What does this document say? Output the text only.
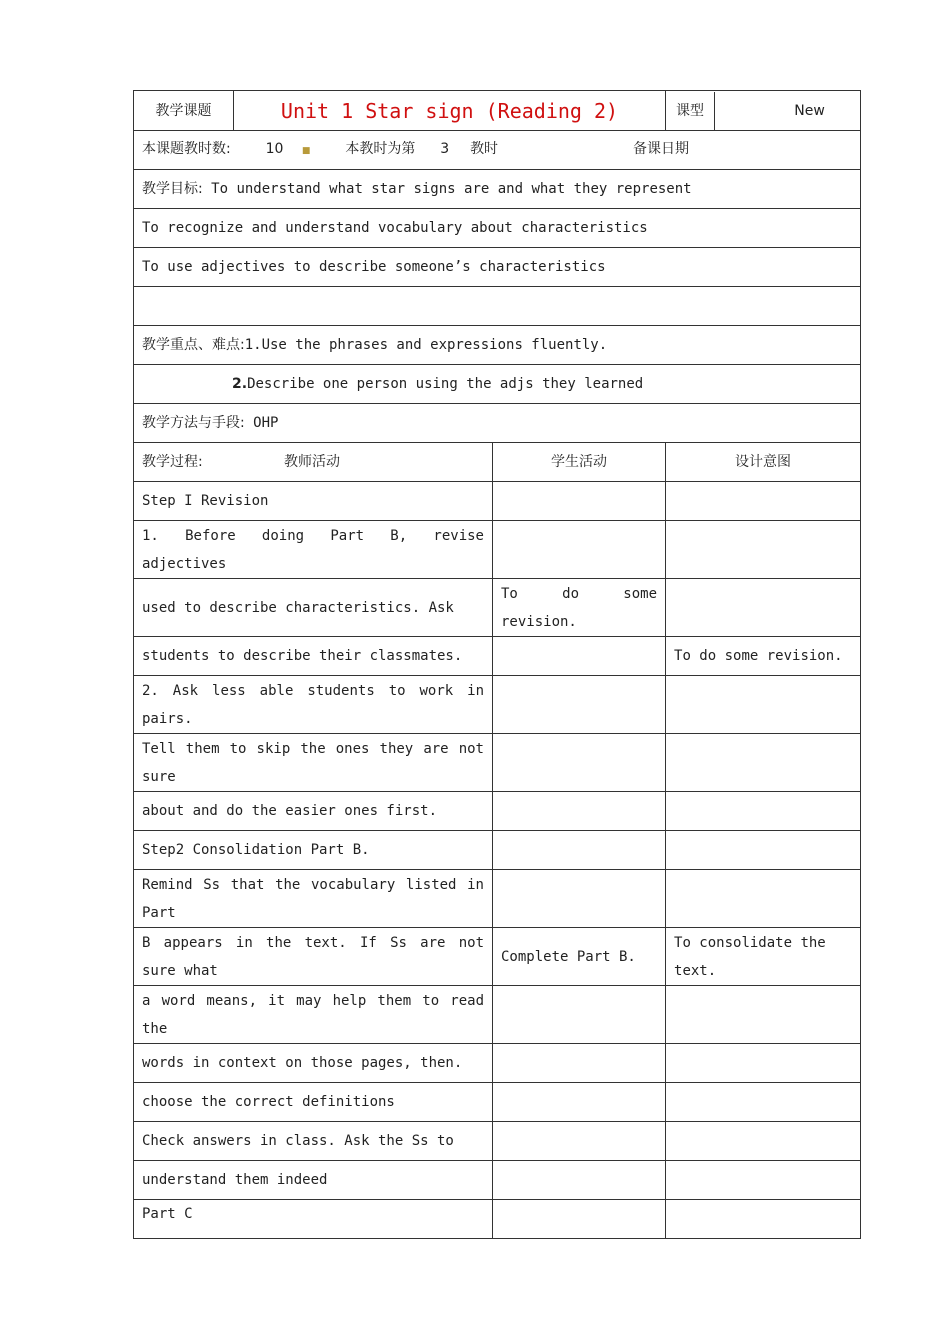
教学课题	Unit 1 Star sign (Reading 2)		课型	New

本课题教时数: 10 ■ 本教时为第 3 教时	备课日期
教学目标: To understand what star signs are and what they represent
To recognize and understand vocabulary about characteristics
To use adjectives to describe someone’s characteristics

教学重点、难点:1.Use the phrases and expressions fluently.
2.Describe one person using the adjs they learned
教学方法与手段: OHP
教学过程:	教师活动	学生活动	设计意图
Step I Revision		
1. Before doing Part B, revise adjectives		
used to describe characteristics. Ask	To do some revision.	
students to describe their classmates.		To do some revision.
2. Ask less able students to work in pairs.		
Tell them to skip the ones they are not sure		
about and do the easier ones first.		
Step2 Consolidation Part B.		
Remind Ss that the vocabulary listed in Part		
B appears in the text. If Ss are not sure what	Complete Part B.	To consolidate the text.
a word means, it may help them to read the		
words in context on those pages, then.		
choose the correct definitions		
Check answers in class. Ask the Ss to		
understand them indeed		
Part C		
